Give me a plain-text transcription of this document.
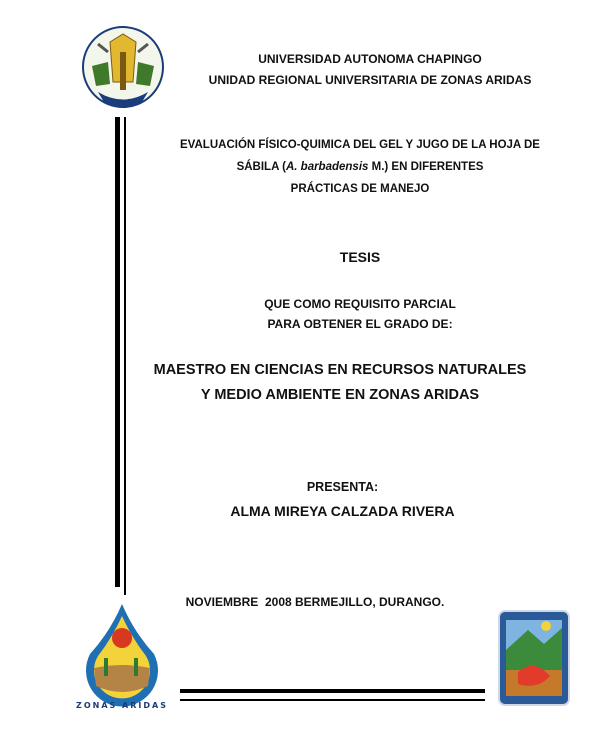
UNIVERSIDAD AUTONOMA CHAPINGO
UNIDAD REGIONAL UNIVERSITARIA DE ZONAS ARIDAS
EVALUACIÓN FÍSICO-QUIMICA DEL GEL Y JUGO DE LA HOJA DE
SÁBILA (A. barbadensis M.) EN DIFERENTES
PRÁCTICAS DE MANEJO
TESIS
QUE COMO REQUISITO PARCIAL
PARA OBTENER EL GRADO DE:
MAESTRO EN CIENCIAS EN RECURSOS NATURALES
Y MEDIO AMBIENTE EN ZONAS ARIDAS
PRESENTA:
ALMA MIREYA CALZADA RIVERA
NOVIEMBRE  2008 BERMEJILLO, DURANGO.
ZONAS ARIDAS
